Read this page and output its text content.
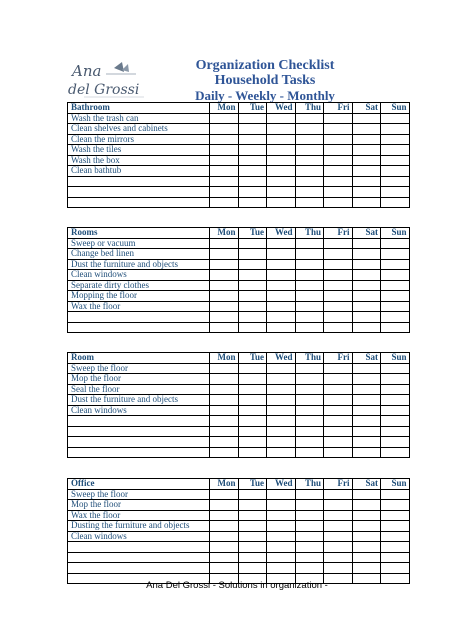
Ana
del Grossi
Organization Checklist
Household Tasks
Daily - Weekly - Monthly
Bathroom	Mon	Tue	Wed	Thu	Fri	Sat	Sun
Wash the trash can							
Clean shelves and cabinets							
Clean the mirrors							
Wash the tiles							
Wash the box							
Clean bathtub							

Rooms	Mon	Tue	Wed	Thu	Fri	Sat	Sun
Sweep or vacuum							
Change bed linen							
Dust the furniture and objects							
Clean windows							
Separate dirty clothes							
Mopping the floor							
Wax the floor							

Room	Mon	Tue	Wed	Thu	Fri	Sat	Sun
Sweep the floor							
Mop the floor							
Seal the floor							
Dust the furniture and objects							
Clean windows							

Office	Mon	Tue	Wed	Thu	Fri	Sat	Sun
Sweep the floor							
Mop the floor							
Wax the floor							
Dusting the furniture and objects							
Clean windows							

Ana Del Grossi - Solutions in organization -
